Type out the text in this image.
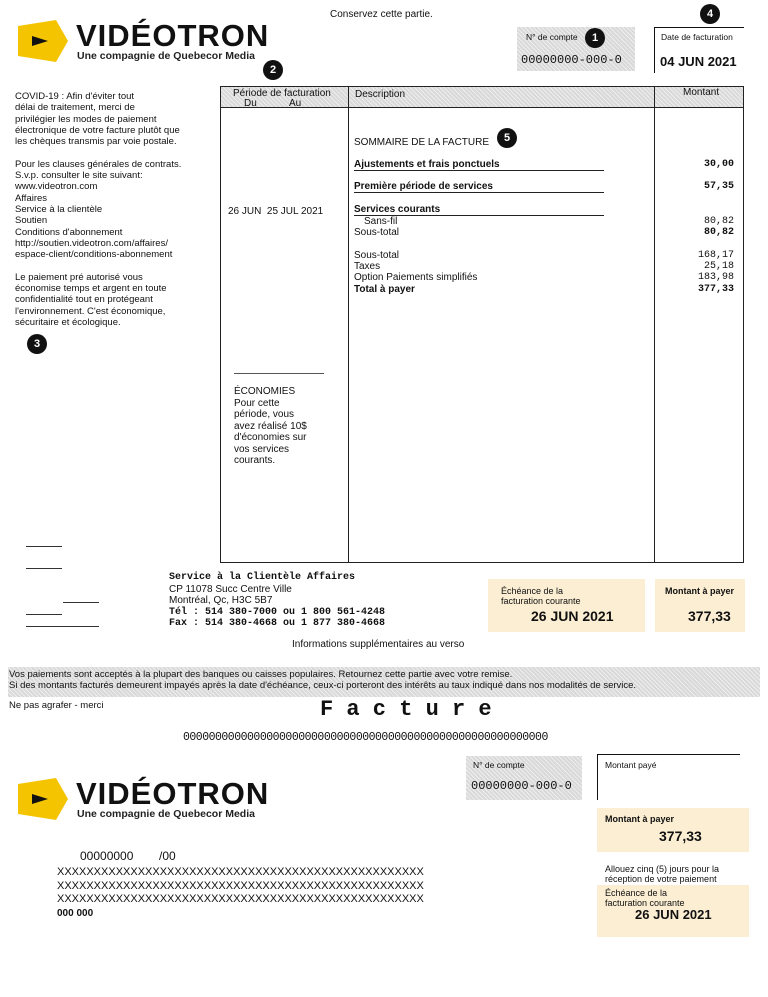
Conservez cette partie.
VIDÉOTRON
Une compagnie de Quebecor Media
N° de compte
00000000-000-0
1	Date de facturation
04 JUN 2021
4
COVID-19 : Afin d'éviter tout
délai de traitement, merci de
privilégier les modes de paiement
électronique de votre facture plutôt que
les chèques transmis par voie postale.
Pour les clauses générales de contrats.
S.v.p. consulter le site suivant:
www.videotron.com
Affaires
Service à la clientèle
Soutien
Conditions d'abonnement
http://soutien.videotron.com/affaires/
espace-client/conditions-abonnement
Le paiement pré autorisé vous
économise temps et argent en toute
confidentialité tout en protégeant
l'environnement. C'est économique,
sécuritaire et écologique.
3
2
Période de facturation
Du	Au
Description	Montant
26 JUN  25 JUL 2021
ÉCONOMIES
Pour cette
période, vous
avez réalisé 10$
d'économies sur
vos services
courants.
SOMMAIRE DE LA FACTURE	5
Ajustements et frais ponctuels	30,00
Première période de services	57,35
Services courants
Sans-fil	80,82
Sous-total	80,82
Sous-total	168,17
Taxes	25,18
Option Paiements simplifiés	183,98
Total à payer	377,33
Service à la Clientèle Affaires
CP 11078 Succ Centre Ville
Montréal, Qc, H3C 5B7
Tél : 514 380-7000 ou 1 800 561-4248
Fax : 514 380-4668 ou 1 877 380-4668
Échéance de la
facturation courante
26 JUN 2021
Montant à payer
377,33
Informations supplémentaires au verso
Vos paiements sont acceptés à la plupart des banques ou caisses populaires. Retournez cette partie avec votre remise.
Si des montants facturés demeurent impayés après la date d'échéance, ceux-ci porteront des intérêts au taux indiqué dans nos modalités de service.
Ne pas agrafer - merci	F a c t u r e
000000000000000000000000000000000000000000000000000000000
VIDÉOTRON
Une compagnie de Quebecor Media
N° de compte
00000000-000-0
Montant payé
Montant à payer
377,33
Allouez cinq (5) jours pour la
réception de votre paiement
Échéance de la
facturation courante
26 JUN 2021
00000000 /00
XXXXXXXXXXXXXXXXXXXXXXXXXXXXXXXXXXXXXXXXXXXXXXXXXX
XXXXXXXXXXXXXXXXXXXXXXXXXXXXXXXXXXXXXXXXXXXXXXXXXX
XXXXXXXXXXXXXXXXXXXXXXXXXXXXXXXXXXXXXXXXXXXXXXXXXX
000 000
